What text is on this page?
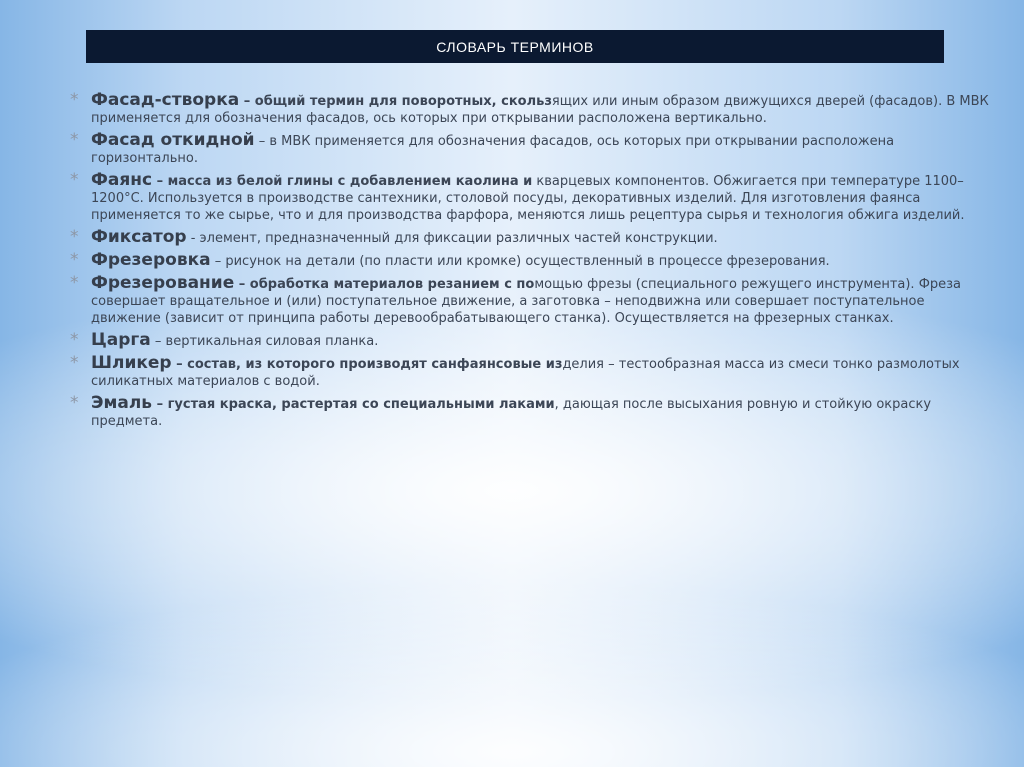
СЛОВАРЬ ТЕРМИНОВ
* Фасад-створка – общий термин для поворотных, скользящих или иным образом движущихся дверей (фасадов). В МВК применяется для обозначения фасадов, ось которых при открывании расположена вертикально.
* Фасад откидной – в МВК применяется для обозначения фасадов, ось которых при открывании расположена горизонтально.
* Фаянс – масса из белой глины с добавлением каолина и кварцевых компонентов. Обжигается при температуре 1100–1200°С. Используется в производстве сантехники, столовой посуды, декоративных изделий. Для изготовления фаянса применяется то же сырье, что и для производства фарфора, меняются лишь рецептура сырья и технология обжига изделий.
* Фиксатор - элемент, предназначенный для фиксации различных частей конструкции.
* Фрезеровка – рисунок на детали (по пласти или кромке) осуществленный в процессе фрезерования.
* Фрезерование – обработка материалов резанием с помощью фрезы (специального режущего инструмента). Фреза совершает вращательное и (или) поступательное движение, а заготовка – неподвижна или совершает поступательное движение (зависит от принципа работы деревообрабатывающего станка). Осуществляется на фрезерных станках.
* Царга – вертикальная силовая планка.
* Шликер – состав, из которого производят санфаянсовые изделия – тестообразная масса из смеси тонко размолотых силикатных материалов с водой.
* Эмаль – густая краска, растертая со специальными лаками, дающая после высыхания ровную и стойкую окраску предмета.
